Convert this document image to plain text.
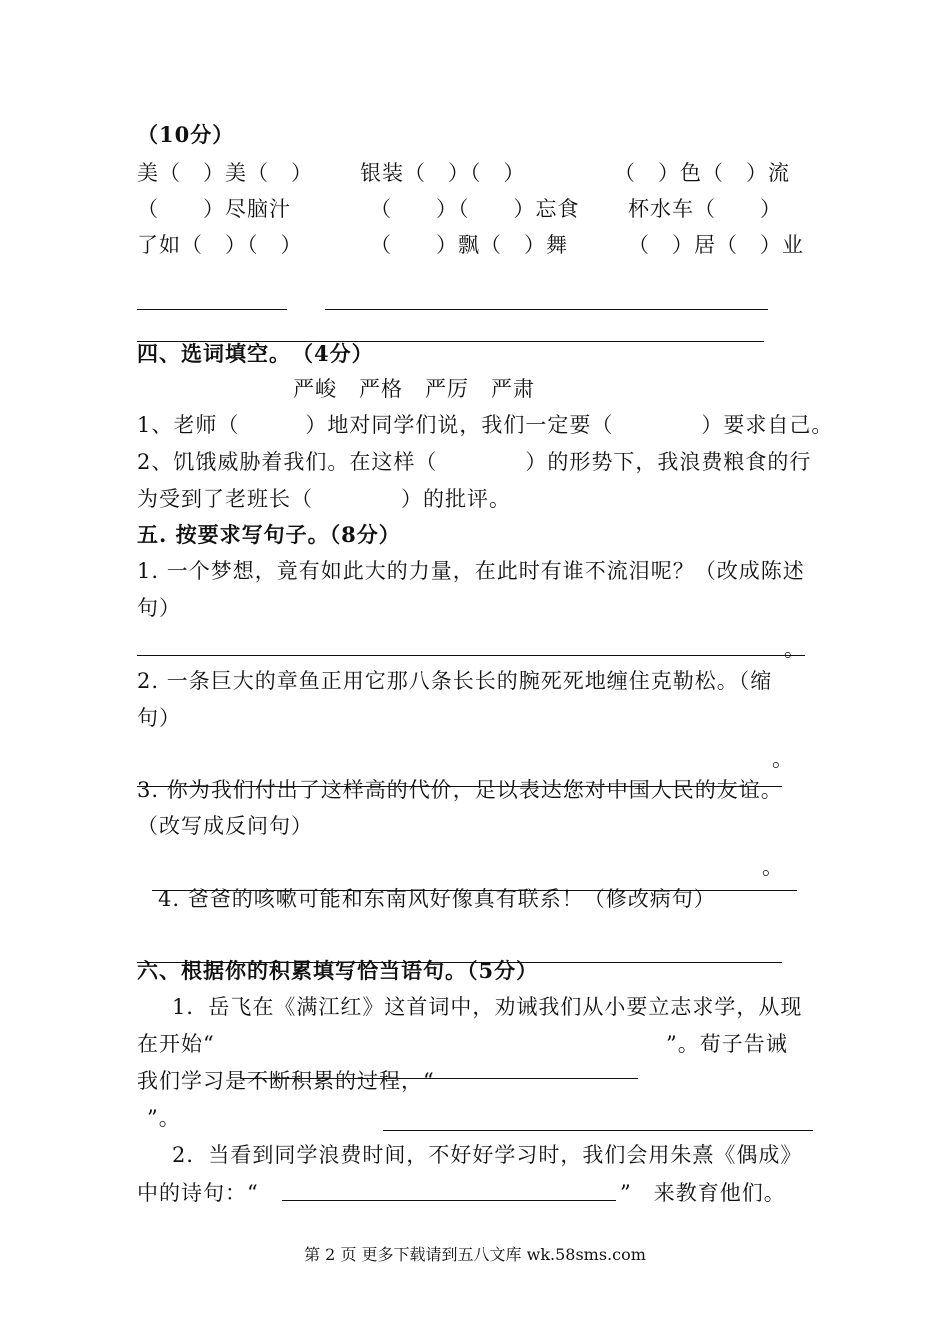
（10分）
美（　）美（　） 银装（　）（　）	（　）色（　）流
（　　）尽脑汁	（　　）（　　）忘食 杯水车（　　）
了如（　）（　）	（　　）飘（　）舞	（　）居（　）业
四、选词填空。　（4分）
严峻　严格　严厉　严肃
1、老师（　　　）地对同学们说，我们一定要（　　　　）要求自己。
2、饥饿威胁着我们。在这样（　　　　）的形势下，我浪费粮食的行
为受到了老班长（　　　　）的批评。
五. 按要求写句子。（8分）
1. 一个梦想，竟有如此大的力量，在此时有谁不流泪呢？（改成陈述
句）
。
2. 一条巨大的章鱼正用它那八条长长的腕死死地缠住克勒松。（缩
句）
。
3. 你为我们付出了这样高的代价，足以表达您对中国人民的友谊。
（改写成反问句）
。
4. 爸爸的咳嗽可能和东南风好像真有联系！（修改病句）
六、根据你的积累填写恰当语句。（5分）
1．岳飞在《满江红》这首词中，劝诫我们从小要立志求学，从现
在开始“	”。荀子告诫
我们学习是不断积累的过程，“
”。
2．当看到同学浪费时间，不好好学习时，我们会用朱熹《偶成》
中的诗句：“	”　来教育他们。
第 2 页 更多下载请到五八文库 wk.58sms.com
